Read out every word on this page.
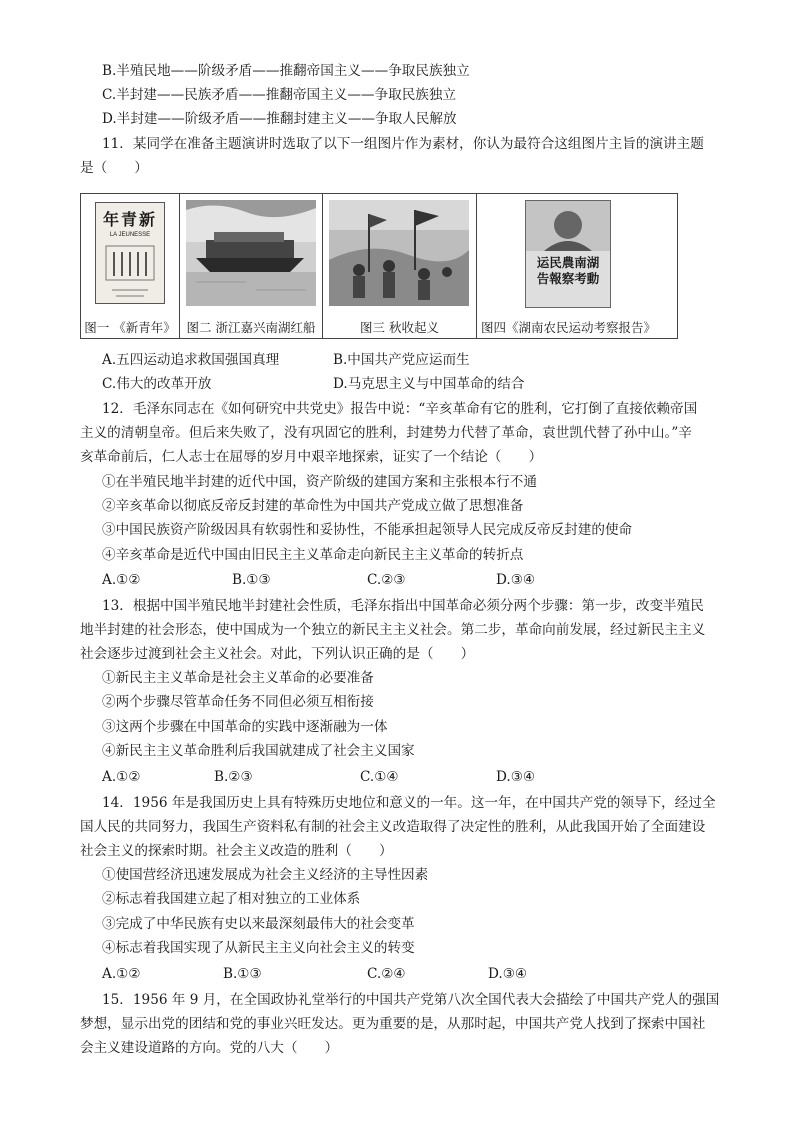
B.半殖民地——阶级矛盾——推翻帝国主义——争取民族独立
C.半封建——民族矛盾——推翻帝国主义——争取民族独立
D.半封建——阶级矛盾——推翻封建主义——争取人民解放
11．某同学在准备主题演讲时选取了以下一组图片作为素材，你认为最符合这组图片主旨的演讲主题
是（　　）
年青新
LA JEUNESSE
图一 《新青年》 图二 浙江嘉兴南湖红船	图三 秋收起义
运民農南湖
告報察考動
图四《湖南农民运动考察报告》
A.五四运动追求救国强国真理	B.中国共产党应运而生
C.伟大的改革开放	D.马克思主义与中国革命的结合
12．毛泽东同志在《如何研究中共党史》报告中说：“辛亥革命有它的胜利，它打倒了直接依赖帝国
主义的清朝皇帝。但后来失败了，没有巩固它的胜利，封建势力代替了革命，袁世凯代替了孙中山。”辛
亥革命前后，仁人志士在屈辱的岁月中艰辛地探索，证实了一个结论（　　）
①在半殖民地半封建的近代中国，资产阶级的建国方案和主张根本行不通
②辛亥革命以彻底反帝反封建的革命性为中国共产党成立做了思想准备
③中国民族资产阶级因具有软弱性和妥协性，不能承担起领导人民完成反帝反封建的使命
④辛亥革命是近代中国由旧民主主义革命走向新民主主义革命的转折点
A.①②	B.①③	C.②③	D.③④
13．根据中国半殖民地半封建社会性质，毛泽东指出中国革命必须分两个步骤：第一步，改变半殖民
地半封建的社会形态，使中国成为一个独立的新民主主义社会。第二步，革命向前发展，经过新民主主义
社会逐步过渡到社会主义社会。对此，下列认识正确的是（　　）
①新民主主义革命是社会主义革命的必要准备
②两个步骤尽管革命任务不同但必须互相衔接
③这两个步骤在中国革命的实践中逐渐融为一体
④新民主主义革命胜利后我国就建成了社会主义国家
A.①②	B.②③	C.①④	D.③④
14．1956 年是我国历史上具有特殊历史地位和意义的一年。这一年，在中国共产党的领导下，经过全
国人民的共同努力，我国生产资料私有制的社会主义改造取得了决定性的胜利，从此我国开始了全面建设
社会主义的探索时期。社会主义改造的胜利（　　）
①使国营经济迅速发展成为社会主义经济的主导性因素
②标志着我国建立起了相对独立的工业体系
③完成了中华民族有史以来最深刻最伟大的社会变革
④标志着我国实现了从新民主主义向社会主义的转变
A.①②	B.①③	C.②④	D.③④
15．1956 年 9 月，在全国政协礼堂举行的中国共产党第八次全国代表大会描绘了中国共产党人的强国
梦想，显示出党的团结和党的事业兴旺发达。更为重要的是，从那时起，中国共产党人找到了探索中国社
会主义建设道路的方向。党的八大（　　）
